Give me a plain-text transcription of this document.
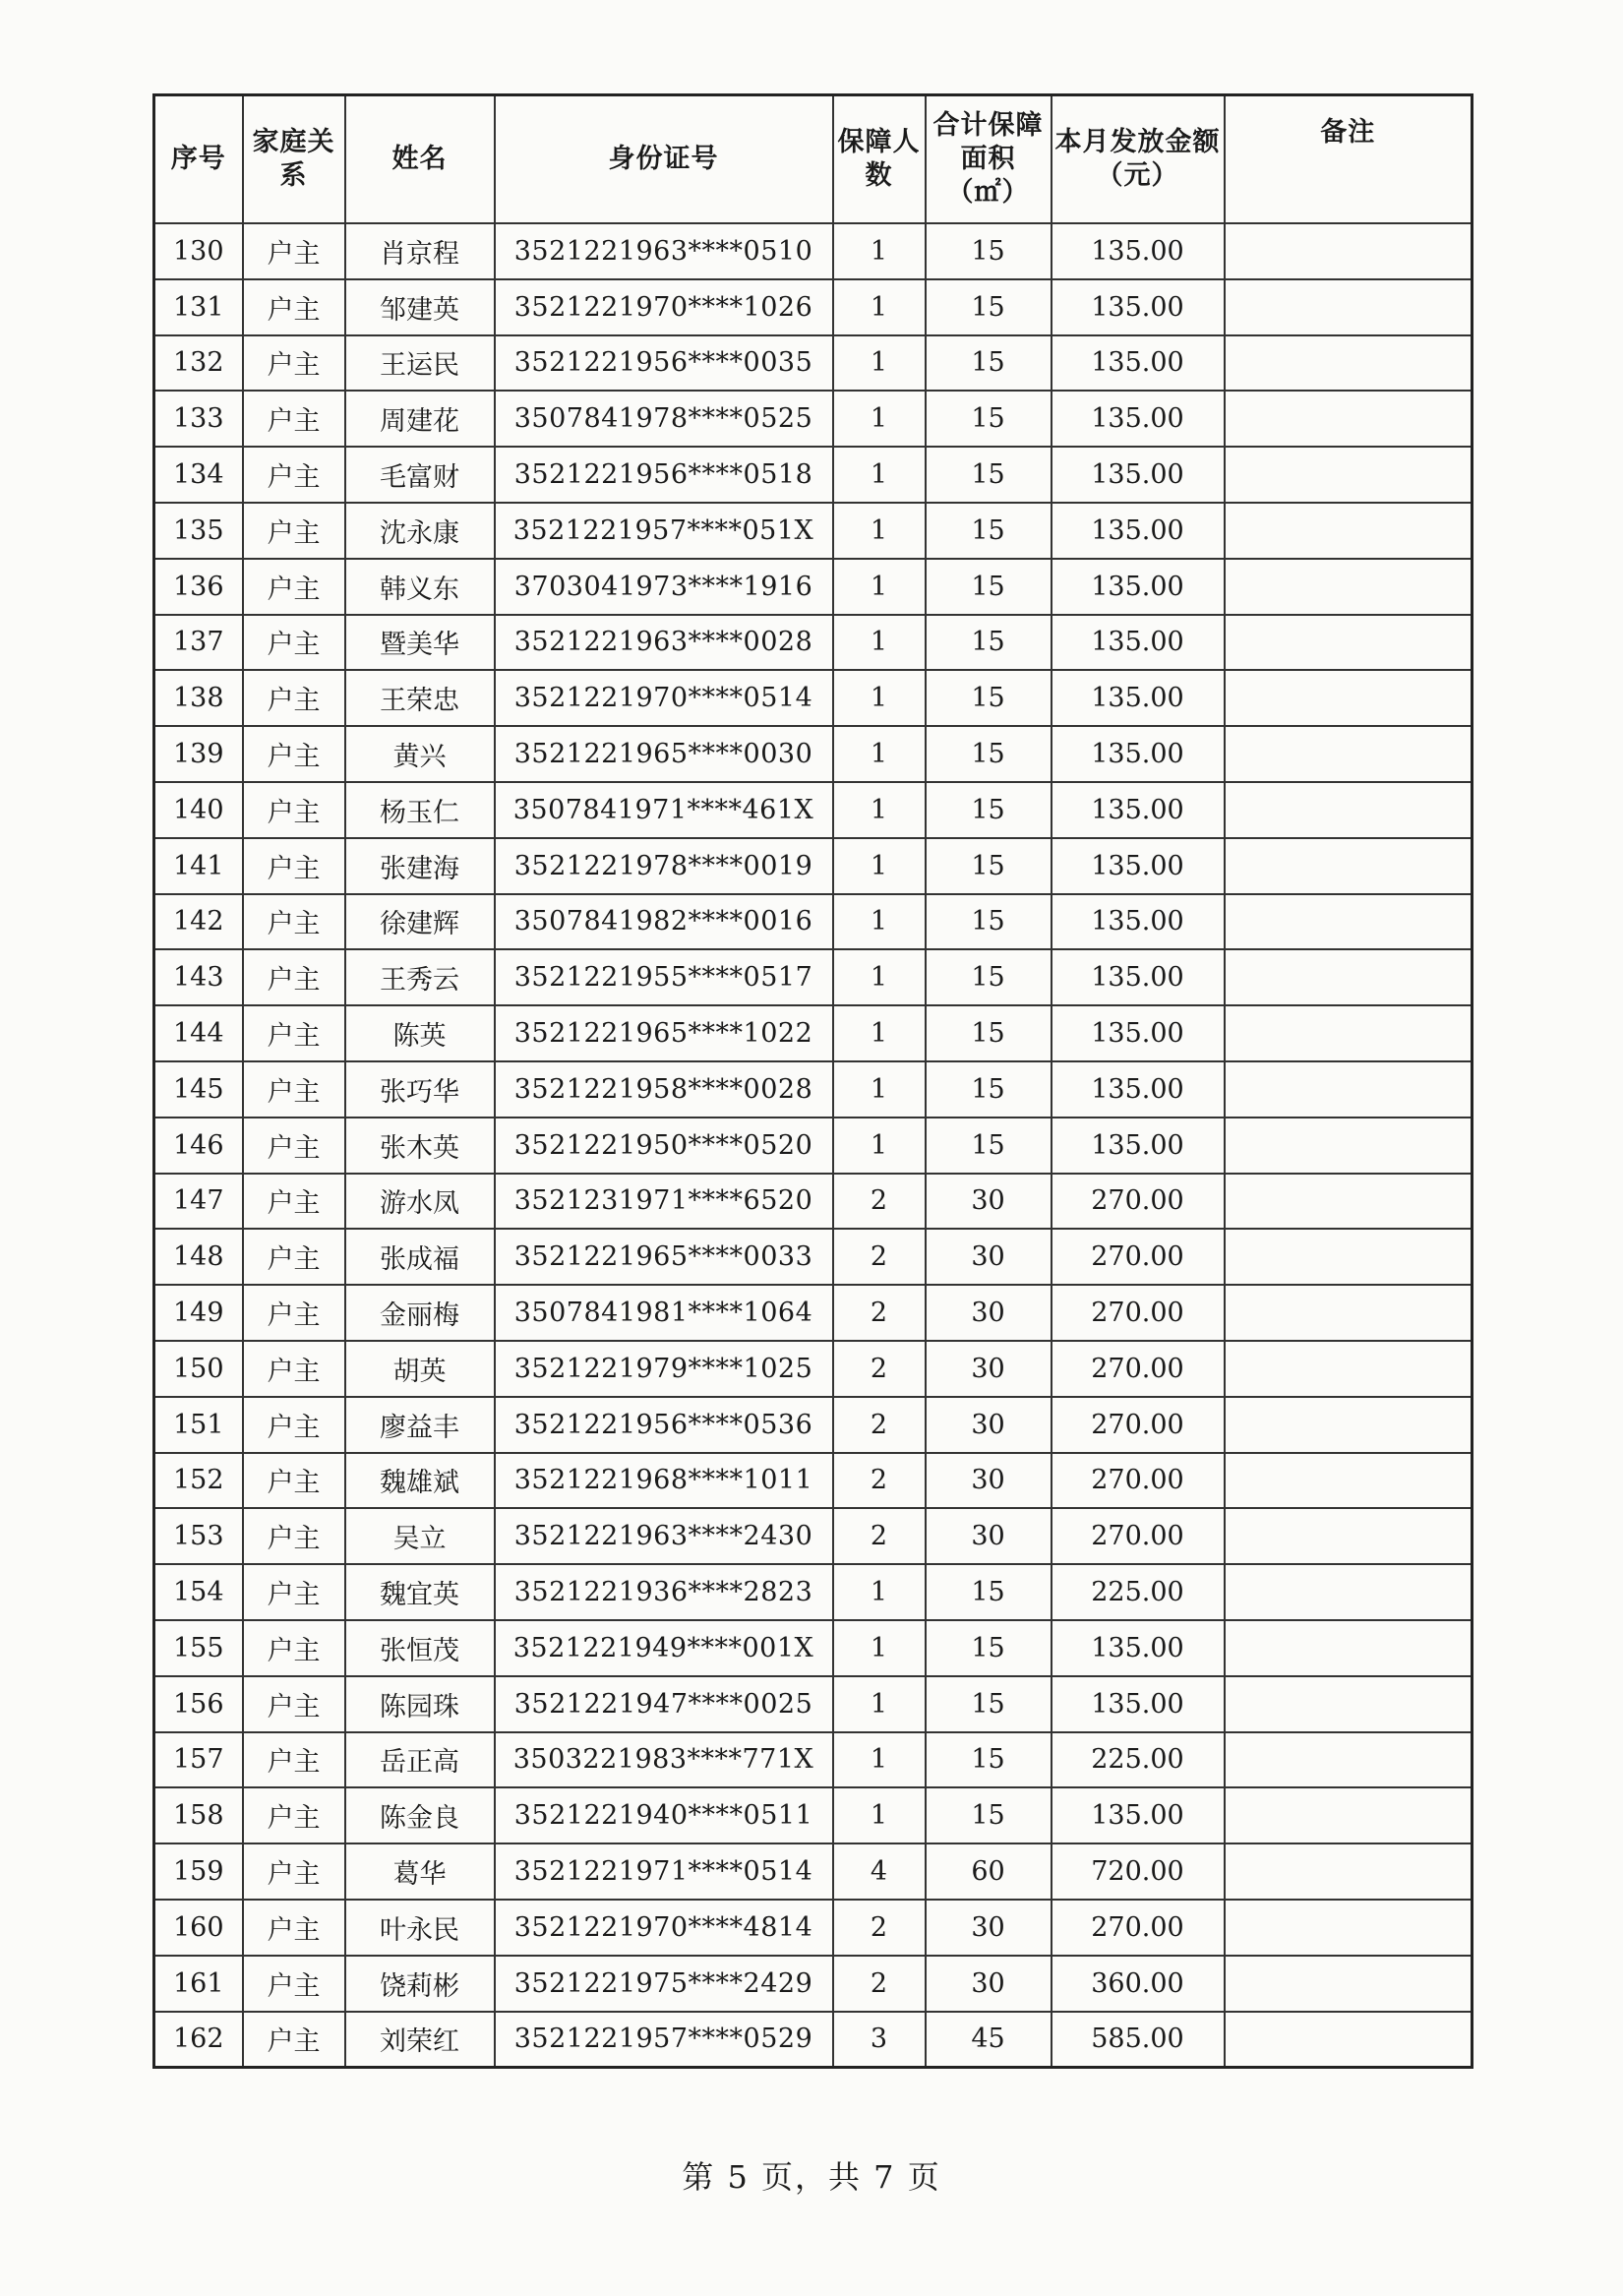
序号	家庭关系	姓名	身份证号	保障人数	合计保障面积（㎡）	本月发放金额（元）	备注
130	户主	肖京程	3521221963****0510	1	15	135.00	
131	户主	邹建英	3521221970****1026	1	15	135.00	
132	户主	王运民	3521221956****0035	1	15	135.00	
133	户主	周建花	3507841978****0525	1	15	135.00	
134	户主	毛富财	3521221956****0518	1	15	135.00	
135	户主	沈永康	3521221957****051X	1	15	135.00	
136	户主	韩义东	3703041973****1916	1	15	135.00	
137	户主	暨美华	3521221963****0028	1	15	135.00	
138	户主	王荣忠	3521221970****0514	1	15	135.00	
139	户主	黄兴	3521221965****0030	1	15	135.00	
140	户主	杨玉仁	3507841971****461X	1	15	135.00	
141	户主	张建海	3521221978****0019	1	15	135.00	
142	户主	徐建辉	3507841982****0016	1	15	135.00	
143	户主	王秀云	3521221955****0517	1	15	135.00	
144	户主	陈英	3521221965****1022	1	15	135.00	
145	户主	张巧华	3521221958****0028	1	15	135.00	
146	户主	张木英	3521221950****0520	1	15	135.00	
147	户主	游水凤	3521231971****6520	2	30	270.00	
148	户主	张成福	3521221965****0033	2	30	270.00	
149	户主	金丽梅	3507841981****1064	2	30	270.00	
150	户主	胡英	3521221979****1025	2	30	270.00	
151	户主	廖益丰	3521221956****0536	2	30	270.00	
152	户主	魏雄斌	3521221968****1011	2	30	270.00	
153	户主	吴立	3521221963****2430	2	30	270.00	
154	户主	魏宜英	3521221936****2823	1	15	225.00	
155	户主	张恒茂	3521221949****001X	1	15	135.00	
156	户主	陈园珠	3521221947****0025	1	15	135.00	
157	户主	岳正高	3503221983****771X	1	15	225.00	
158	户主	陈金良	3521221940****0511	1	15	135.00	
159	户主	葛华	3521221971****0514	4	60	720.00	
160	户主	叶永民	3521221970****4814	2	30	270.00	
161	户主	饶莉彬	3521221975****2429	2	30	360.00	
162	户主	刘荣红	3521221957****0529	3	45	585.00	
第 5 页，共 7 页
